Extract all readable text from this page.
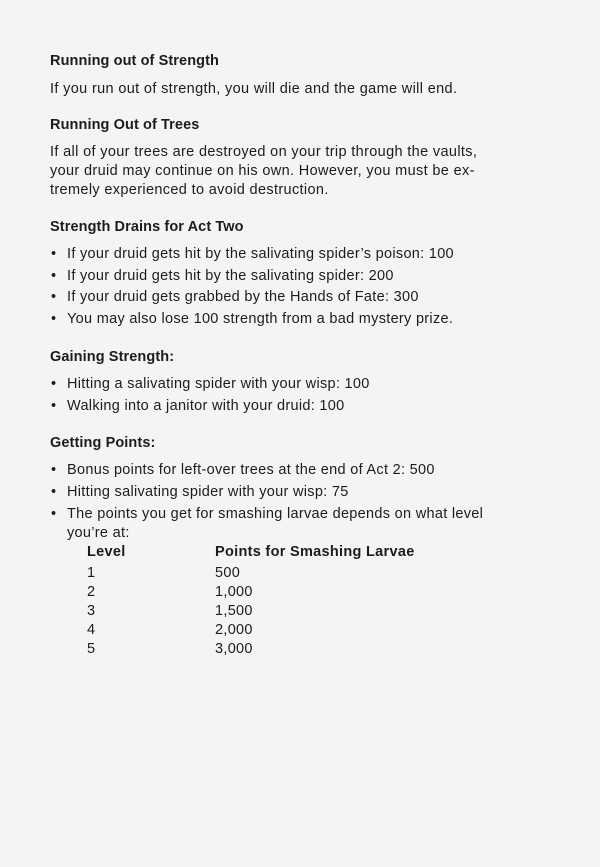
Running out of Strength

If you run out of strength, you will die and the game will end.

Running Out of Trees

If all of your trees are destroyed on your trip through the vaults,
your druid may continue on his own. However, you must be ex-
tremely experienced to avoid destruction.

Strength Drains for Act Two
• If your druid gets hit by the salivating spider’s poison: 100
• If your druid gets hit by the salivating spider: 200
• If your druid gets grabbed by the Hands of Fate: 300
• You may also lose 100 strength from a bad mystery prize.
Gaining Strength:
• Hitting a salivating spider with your wisp: 100
• Walking into a janitor with your druid: 100
Getting Points:
• Bonus points for left-over trees at the end of Act 2: 500
• Hitting salivating spider with your wisp: 75
• The points you get for smashing larvae depends on what level
you’re at:
Level	Points for Smashing Larvae
1	500
2	1,000
3	1,500
4	2,000
5	3,000
